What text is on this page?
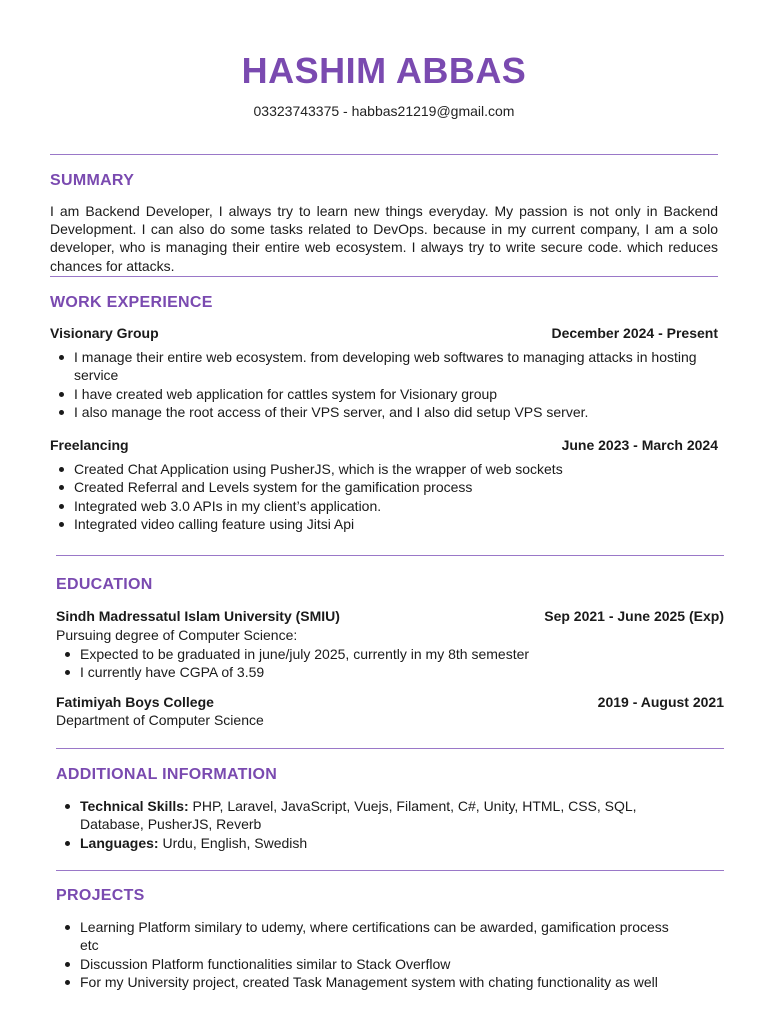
HASHIM ABBAS
03323743375 - habbas21219@gmail.com
SUMMARY
I am Backend Developer, I always try to learn new things everyday. My passion is not only in Backend Development. I can also do some tasks related to DevOps. because in my current company, I am a solo developer, who is managing their entire web ecosystem. I always try to write secure code. which reduces chances for attacks.
WORK EXPERIENCE
Visionary Group	December 2024 - Present
I manage their entire web ecosystem. from developing web softwares to managing attacks in hosting service
I have created web application for cattles system for Visionary group
I also manage the root access of their VPS server, and I also did setup VPS server.
Freelancing	June 2023 - March 2024
Created Chat Application using PusherJS, which is the wrapper of web sockets
Created Referral and Levels system for the gamification process
Integrated web 3.0 APIs in my client’s application.
Integrated video calling feature using Jitsi Api
EDUCATION
Sindh Madressatul Islam University (SMIU)	Sep 2021 - June 2025 (Exp)
Pursuing degree of Computer Science:
Expected to be graduated in june/july 2025, currently in my 8th semester
I currently have CGPA of 3.59
Fatimiyah Boys College	2019 - August 2021
Department of Computer Science
ADDITIONAL INFORMATION
Technical Skills: PHP, Laravel, JavaScript, Vuejs, Filament, C#, Unity, HTML, CSS, SQL, Database, PusherJS, Reverb
Languages: Urdu, English, Swedish
PROJECTS
Learning Platform similary to udemy, where certifications can be awarded, gamification process etc
Discussion Platform functionalities similar to Stack Overflow
For my University project, created Task Management system with chating functionality as well
